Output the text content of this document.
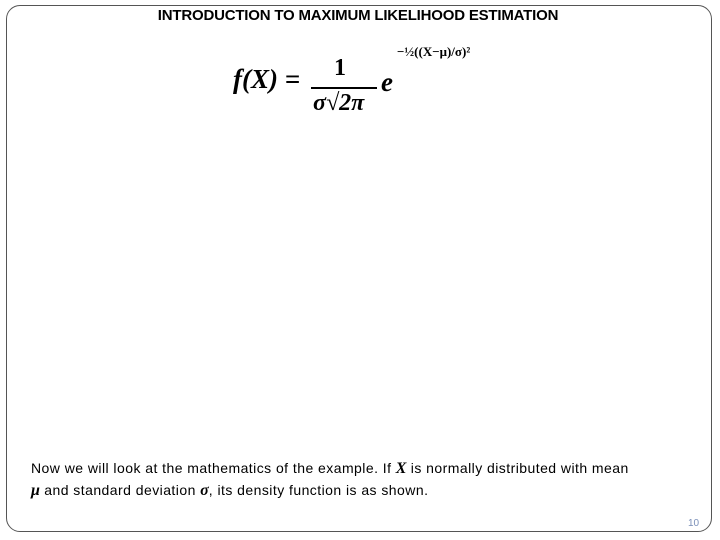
INTRODUCTION TO MAXIMUM LIKELIHOOD ESTIMATION
f(X) = 1
σ√2π
e
−½((X−μ)/σ)²
Now we will look at the mathematics of the example. If X is normally distributed with mean
μ and standard deviation σ, its density function is as shown.
10
